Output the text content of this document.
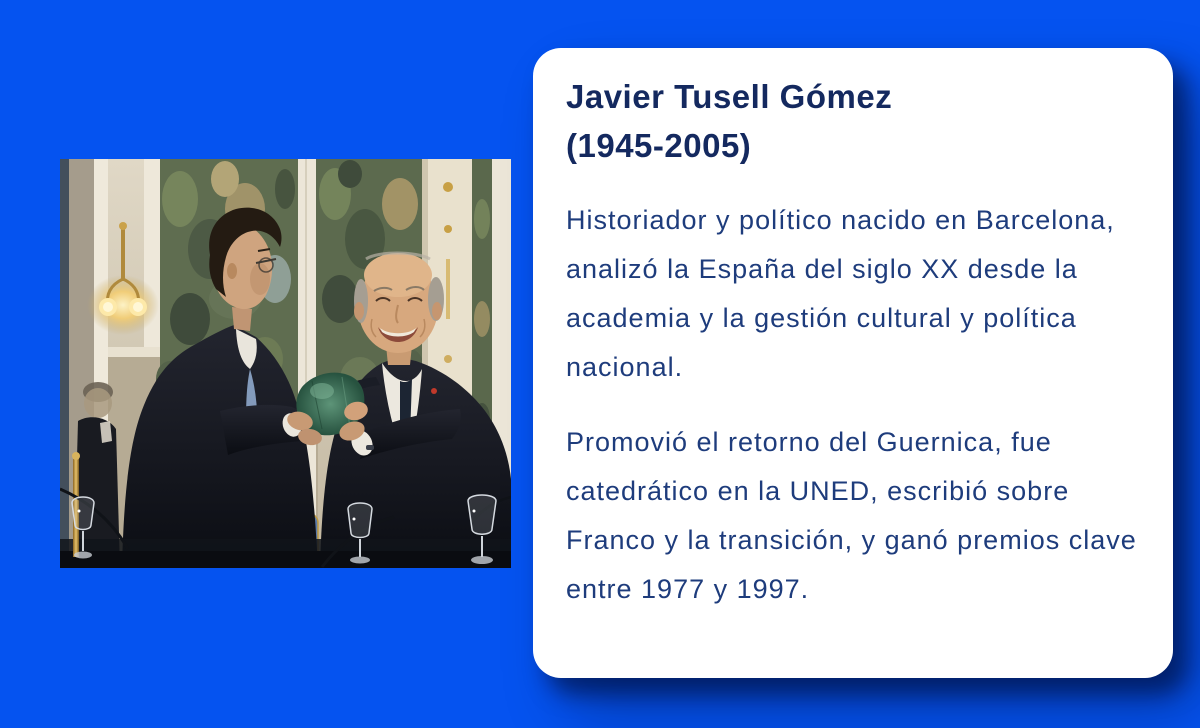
Javier Tusell Gómez
(1945-2005)

Historiador y político nacido en Barcelona, analizó la España del siglo XX desde la academia y la gestión cultural y política nacional.

Promovió el retorno del Guernica, fue catedrático en la UNED, escribió sobre Franco y la transición, y ganó premios clave entre 1977 y 1997.
